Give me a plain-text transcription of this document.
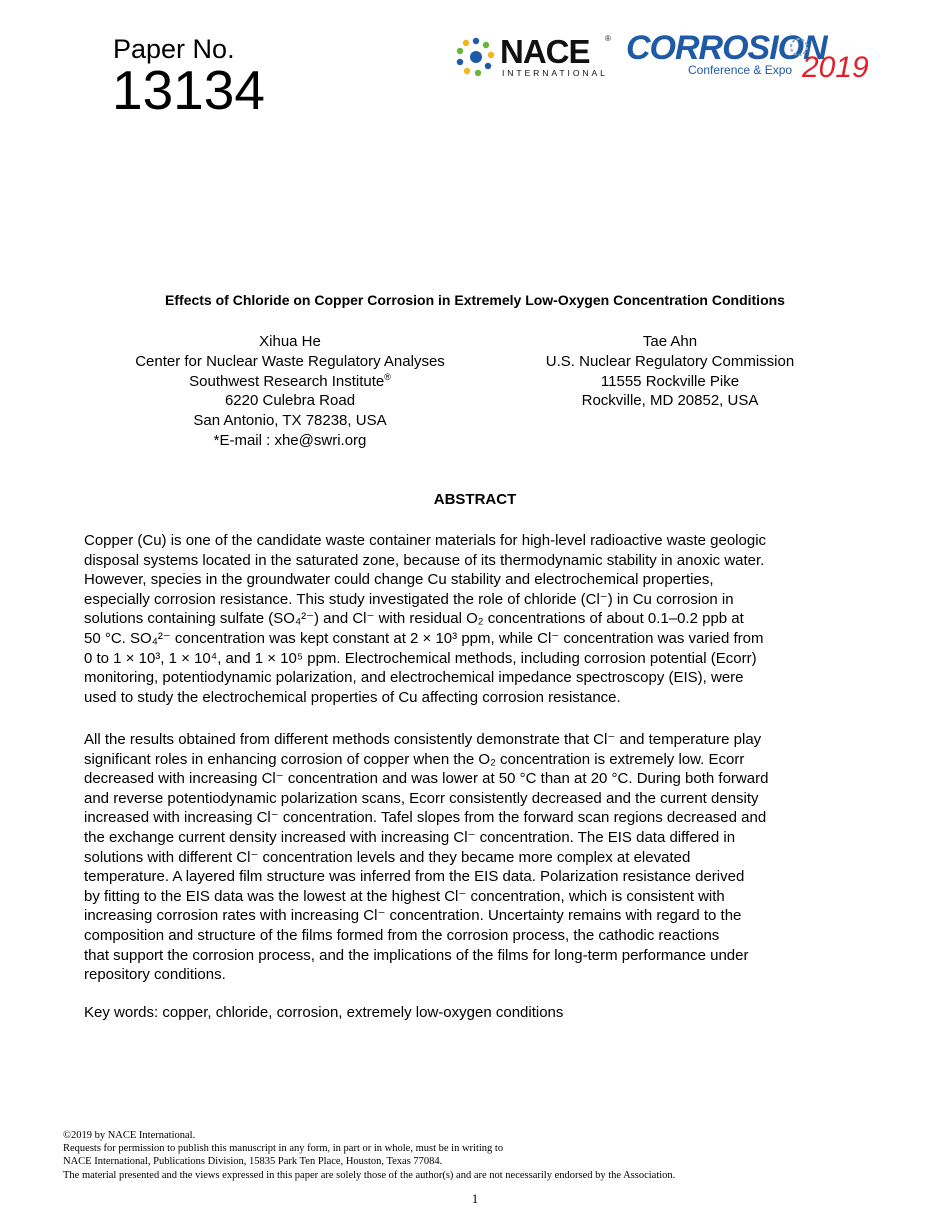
Paper No.
13134
NACE ®
INTERNATIONAL
CORROSION
Conference & Expo 2019
Effects of Chloride on Copper Corrosion in Extremely Low-Oxygen Concentration Conditions
Xihua He
Center for Nuclear Waste Regulatory Analyses
Southwest Research Institute®
6220 Culebra Road
San Antonio, TX 78238, USA
*E-mail : xhe@swri.org
Tae Ahn
U.S. Nuclear Regulatory Commission
11555 Rockville Pike
Rockville, MD 20852, USA
ABSTRACT
Copper (Cu) is one of the candidate waste container materials for high-level radioactive waste geologic
disposal systems located in the saturated zone, because of its thermodynamic stability in anoxic water.
However, species in the groundwater could change Cu stability and electrochemical properties,
especially corrosion resistance. This study investigated the role of chloride (Cl⁻) in Cu corrosion in
solutions containing sulfate (SO₄²⁻) and Cl⁻ with residual O₂ concentrations of about 0.1–0.2 ppb at
50 °C. SO₄²⁻ concentration was kept constant at 2 × 10³ ppm, while Cl⁻ concentration was varied from
0 to 1 × 10³, 1 × 10⁴, and 1 × 10⁵ ppm. Electrochemical methods, including corrosion potential (Ecorr)
monitoring, potentiodynamic polarization, and electrochemical impedance spectroscopy (EIS), were
used to study the electrochemical properties of Cu affecting corrosion resistance.
All the results obtained from different methods consistently demonstrate that Cl⁻ and temperature play
significant roles in enhancing corrosion of copper when the O₂ concentration is extremely low. Ecorr
decreased with increasing Cl⁻ concentration and was lower at 50 °C than at 20 °C. During both forward
and reverse potentiodynamic polarization scans, Ecorr consistently decreased and the current density
increased with increasing Cl⁻ concentration. Tafel slopes from the forward scan regions decreased and
the exchange current density increased with increasing Cl⁻ concentration. The EIS data differed in
solutions with different Cl⁻ concentration levels and they became more complex at elevated
temperature. A layered film structure was inferred from the EIS data. Polarization resistance derived
by fitting to the EIS data was the lowest at the highest Cl⁻ concentration, which is consistent with
increasing corrosion rates with increasing Cl⁻ concentration. Uncertainty remains with regard to the
composition and structure of the films formed from the corrosion process, the cathodic reactions
that support the corrosion process, and the implications of the films for long-term performance under
repository conditions.
Key words: copper, chloride, corrosion, extremely low-oxygen conditions
©2019 by NACE International.
Requests for permission to publish this manuscript in any form, in part or in whole, must be in writing to
NACE International, Publications Division, 15835 Park Ten Place, Houston, Texas 77084.
The material presented and the views expressed in this paper are solely those of the author(s) and are not necessarily endorsed by the Association.
1
